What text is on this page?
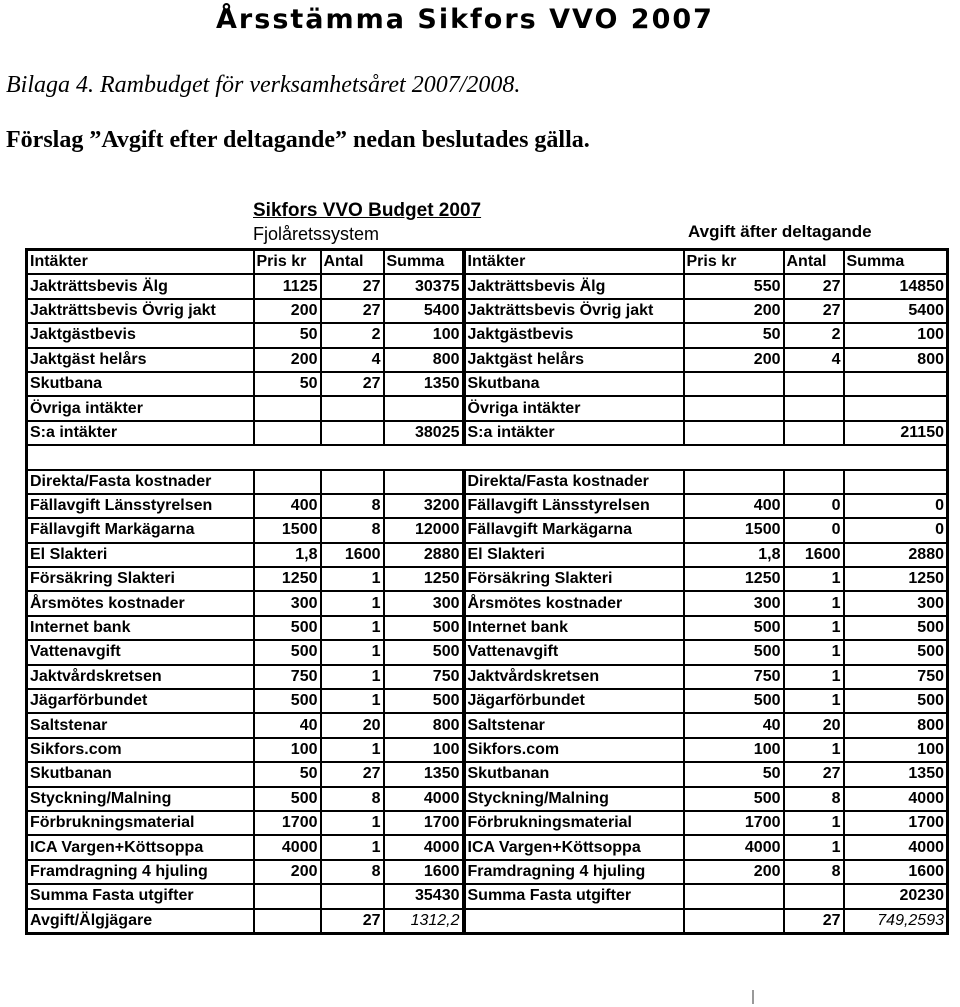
Årsstämma Sikfors VVO 2007
Bilaga 4. Rambudget för verksamhetsåret 2007/2008.
Förslag ”Avgift efter deltagande” nedan beslutades gälla.
Sikfors VVO Budget 2007
Fjolåretssystem	Avgift äfter deltagande
Intäkter	Pris kr	Antal	Summa	Intäkter	Pris kr	Antal	Summa
Jakträttsbevis Älg	1125	27	30375	Jakträttsbevis Älg	550	27	14850
Jakträttsbevis Övrig jakt	200	27	5400	Jakträttsbevis Övrig jakt	200	27	5400
Jaktgästbevis	50	2	100	Jaktgästbevis	50	2	100
Jaktgäst helårs	200	4	800	Jaktgäst helårs	200	4	800
Skutbana	50	27	1350	Skutbana			
Övriga intäkter				Övriga intäkter			
S:a intäkter			38025	S:a intäkter			21150

Direkta/Fasta kostnader				Direkta/Fasta kostnader			
Fällavgift Länsstyrelsen	400	8	3200	Fällavgift Länsstyrelsen	400	0	0
Fällavgift Markägarna	1500	8	12000	Fällavgift Markägarna	1500	0	0
El Slakteri	1,8	1600	2880	El Slakteri	1,8	1600	2880
Försäkring Slakteri	1250	1	1250	Försäkring Slakteri	1250	1	1250
Årsmötes kostnader	300	1	300	Årsmötes kostnader	300	1	300
Internet bank	500	1	500	Internet bank	500	1	500
Vattenavgift	500	1	500	Vattenavgift	500	1	500
Jaktvårdskretsen	750	1	750	Jaktvårdskretsen	750	1	750
Jägarförbundet	500	1	500	Jägarförbundet	500	1	500
Saltstenar	40	20	800	Saltstenar	40	20	800
Sikfors.com	100	1	100	Sikfors.com	100	1	100
Skutbanan	50	27	1350	Skutbanan	50	27	1350
Styckning/Malning	500	8	4000	Styckning/Malning	500	8	4000
Förbrukningsmaterial	1700	1	1700	Förbrukningsmaterial	1700	1	1700
ICA Vargen+Köttsoppa	4000	1	4000	ICA Vargen+Köttsoppa	4000	1	4000
Framdragning 4 hjuling	200	8	1600	Framdragning 4 hjuling	200	8	1600
Summa Fasta utgifter			35430	Summa Fasta utgifter			20230
Avgift/Älgjägare		27	1312,2			27	749,2593
